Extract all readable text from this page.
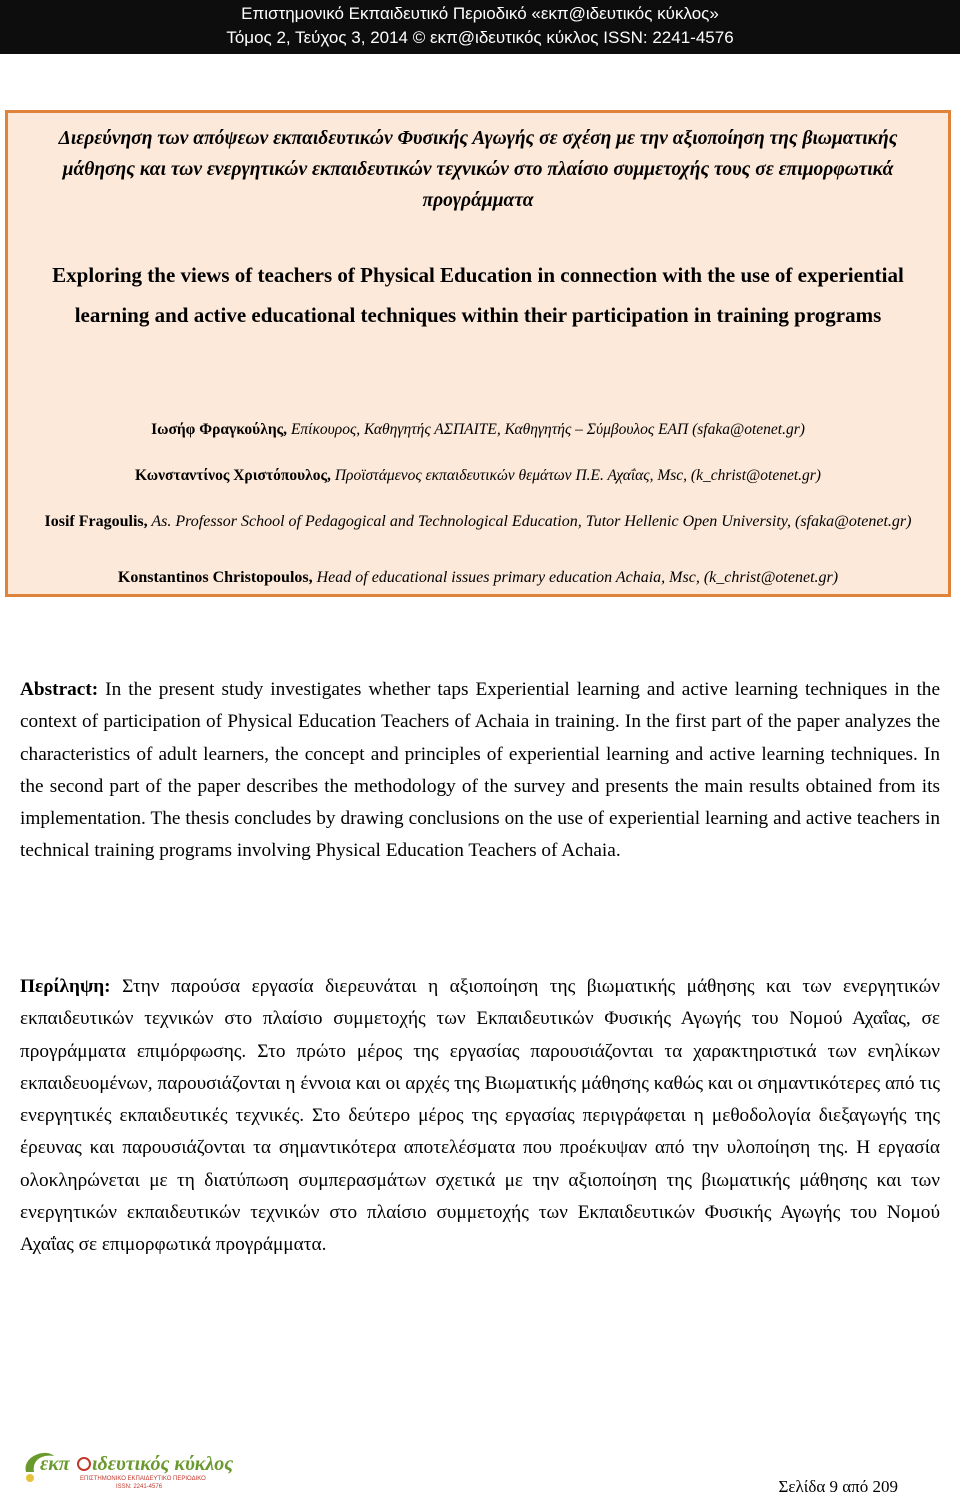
Επιστημονικό Εκπαιδευτικό Περιοδικό «εκπ@ιδευτικός κύκλος»
Τόμος 2, Τεύχος 3, 2014 © εκπ@ιδευτικός κύκλος ISSN: 2241-4576
Διερεύνηση των απόψεων εκπαιδευτικών Φυσικής Αγωγής σε σχέση με την αξιοποίηση της βιωματικής μάθησης και των ενεργητικών εκπαιδευτικών τεχνικών στο πλαίσιο συμμετοχής τους σε επιμορφωτικά προγράμματα
Exploring the views of teachers of Physical Education in connection with the use of experiential learning and active educational techniques within their participation in training programs
Ιωσήφ Φραγκούλης, Επίκουρος, Καθηγητής ΑΣΠΑΙΤΕ, Καθηγητής – Σύμβουλος ΕΑΠ (sfaka@otenet.gr)
Κωνσταντίνος Χριστόπουλος, Προϊστάμενος εκπαιδευτικών θεμάτων Π.Ε. Αχαΐας, Msc, (k_christ@otenet.gr)
Iosif Fragoulis, As. Professor School of Pedagogical and Technological Education, Tutor Hellenic Open University, (sfaka@otenet.gr)
Konstantinos Christopoulos, Head of educational issues primary education Achaia, Msc, (k_christ@otenet.gr)
Abstract: In the present study investigates whether taps Experiential learning and active learning techniques in the context of participation of Physical Education Teachers of Achaia in training. In the first part of the paper analyzes the characteristics of adult learners, the concept and principles of experiential learning and active learning techniques. In the second part of the paper describes the methodology of the survey and presents the main results obtained from its implementation. The thesis concludes by drawing conclusions on the use of experiential learning and active teachers in technical training programs involving Physical Education Teachers of Achaia.
Περίληψη: Στην παρούσα εργασία διερευνάται η αξιοποίηση της βιωματικής μάθησης και των ενεργητικών εκπαιδευτικών τεχνικών στο πλαίσιο συμμετοχής των Εκπαιδευτικών Φυσικής Αγωγής του Νομού Αχαΐας, σε προγράμματα επιμόρφωσης. Στο πρώτο μέρος της εργασίας παρουσιάζονται τα χαρακτηριστικά των ενηλίκων εκπαιδευομένων, παρουσιάζονται η έννοια και οι αρχές της Βιωματικής μάθησης καθώς και οι σημαντικότερες από τις ενεργητικές εκπαιδευτικές τεχνικές. Στο δεύτερο μέρος της εργασίας περιγράφεται η μεθοδολογία διεξαγωγής της έρευνας και παρουσιάζονται τα σημαντικότερα αποτελέσματα που προέκυψαν από την υλοποίηση της. Η εργασία ολοκληρώνεται με τη διατύπωση συμπερασμάτων σχετικά με την αξιοποίηση της βιωματικής μάθησης και των ενεργητικών εκπαιδευτικών τεχνικών στο πλαίσιο συμμετοχής των Εκπαιδευτικών Φυσικής Αγωγής του Νομού Αχαΐας σε επιμορφωτικά προγράμματα.
εκπ ιδευτικός κύκλος
ΕΠΙΣΤΗΜΟΝΙΚΟ ΕΚΠΑΙΔΕΥΤΙΚΟ ΠΕΡΙΟΔΙΚΟ
ISSN: 2241-4576	Σελίδα 9 από 209
